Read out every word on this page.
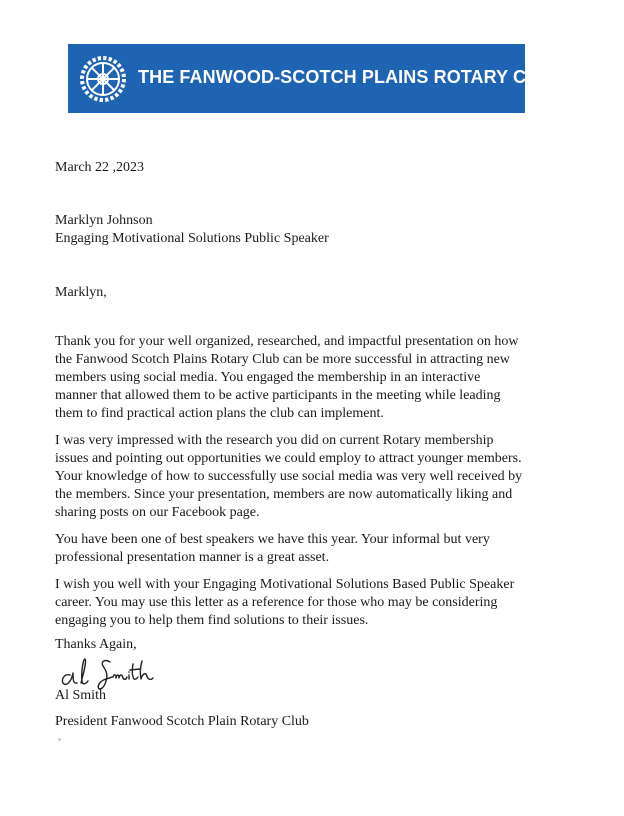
THE FANWOOD-SCOTCH PLAINS ROTARY CLUB
March 22 ,2023
Marklyn Johnson
Engaging Motivational Solutions Public Speaker
Marklyn,
Thank you for your well organized, researched, and impactful presentation on how
the Fanwood Scotch Plains Rotary Club can be more successful in attracting new
members using social media. You engaged the membership in an interactive
manner that allowed them to be active participants in the meeting while leading
them to find practical action plans the club can implement.
I was very impressed with the research you did on current Rotary membership
issues and pointing out opportunities we could employ to attract younger members.
Your knowledge of how to successfully use social media was very well received by
the members. Since your presentation, members are now automatically liking and
sharing posts on our Facebook page.
You have been one of best speakers we have this year. Your informal but very
professional presentation manner is a great asset.
I wish you well with your Engaging Motivational Solutions Based Public Speaker
career. You may use this letter as a reference for those who may be considering
engaging you to help them find solutions to their issues.
Thanks Again,
Al Smith
President Fanwood Scotch Plain Rotary Club
